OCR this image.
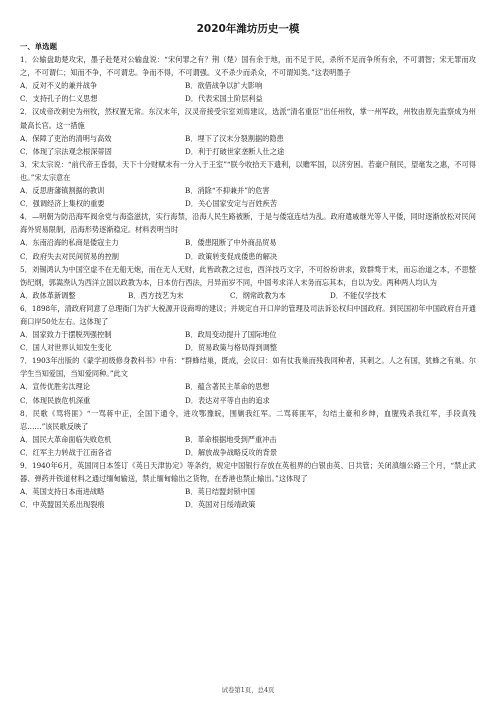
2020年潍坊历史一模
一、单选题
1．公输盘助楚攻宋，墨子赴楚对公输盘说：“宋何罪之有？荆（楚）国有余于地，而不足于民，杀所不足而争所有余，不可谓智；宋无罪而攻之，不可谓仁；知而不争，不可谓忠。争而不得，不可谓强。义不杀少而杀众，不可谓知类。”这表明墨子
A．反对不义的兼并战争	B．欲借战争以扩大影响
C．支持孔子的仁义思想	D．代表宋国土阶层利益
2．汉成帝改刺史为州牧，然权置无常。东汉末年，汉灵帝接受宗室刘焉建议，选派“清名重臣”出任州牧，掌一州军政，州牧由原先监察成为州最高长官。这一措施
A．保障了吏治的清明与高效	B．埋下了汉末分裂割据的隐患
C．体现了宗法观念根深蒂固	D．利于打破世家垄断人仕之途
3．宋太宗说：“前代帝王昏弱，天下十分财赋未有一分入于王室”“朕今收拾天下遗利，以赡军国，以济穷困。若豪户削民，望毫发之惠，不可得也。”宋太宗意在
A．反思唐藩镇割据的教训	B．消除“不抑兼并”的危害
C．强调经济上集权的重要	D．关心国家安定与百姓疾苦
4．—明朝为防沿海军阀余党与海盗滋扰，实行海禁，沿海人民生路被断，于是与倭寇连结为乱。政府遣戚继光等人平倭，同时逐渐放松对民间海外贸易限制，沿海形势逐渐稳定。材料表明当时
A．东南沿海的私商是倭寇主力	B．倭患阻断了中外商品贸易
C．政府失去对民间贸易的控制	D．政策转变促成倭患的解决
5．刘锡鸿认为中国空虚不在无船无炮，而在无人无财，此皆政教之过也，西洋技巧文字，不可纷纷讲求，致群骛于末，而忘治道之本，不思整饬纪纲，郭嵩焘认为西洋立国以政教为本，日本仿行西法，月异而岁不同，中国考求洋人末务而忘其本，自以为安。两种两人均认为
A．政体革新调整	B．西方技艺为末	C．纲常政教为本	D．不能仅学技术
6．1898年，清政府同意了总理衙门为扩大税源开设商埠的建议；并规定自开口岸的管理及司法诉讼权归中国政府。到民国初年中国政府自开通商口岸50处左右。这体现了
A．国家致力于摆脱列强控制	B．政局变动提升了国际地位
C．国人对世界认知发生变化	D．贸易政策与格局得到调整
7．1903年出版的《蒙学初级修身教科书》中有：“群蜂结巢，既成，会议曰：如有仗我巢而残我同种者，其刺之。人之有国，犹蜂之有巢。尔学生当知爱国，当知爱同种。”此文
A．宣传优胜劣汰理论	B．蕴含著民主革命的思想
C．体现民族危机深重	D．表达对平等自由的追求
8．民歌《骂将匪》“一骂蒋中正，全国下通令，进攻鄂豫皖，围剿我红军。二骂蒋匪军，勾结土豪和乡绅，血腥残杀我红军，手段真残忍……”该民歌反映了
A．国民大革命面临失败危机	B．革命根据地受到严重冲击
C．红军主力转战于江南各省	D．解放战争战略反攻的背景
9．1940年6月，英国同日本签订《英日天津协定》等条约，规定中国银行存放在英租界的白银由英、日共管；关闭滇缅公路三个月，“禁止武器、弹药并铁道材料之通过缅甸输送，禁止缅甸输出之货物，在香港也禁止输出。”这体现了
A．英国支持日本南进战略	B．英日结盟封锁中国
C．中英盟国关系出现裂痕	D．英国对日绥靖政策
试卷第1页，总4页
